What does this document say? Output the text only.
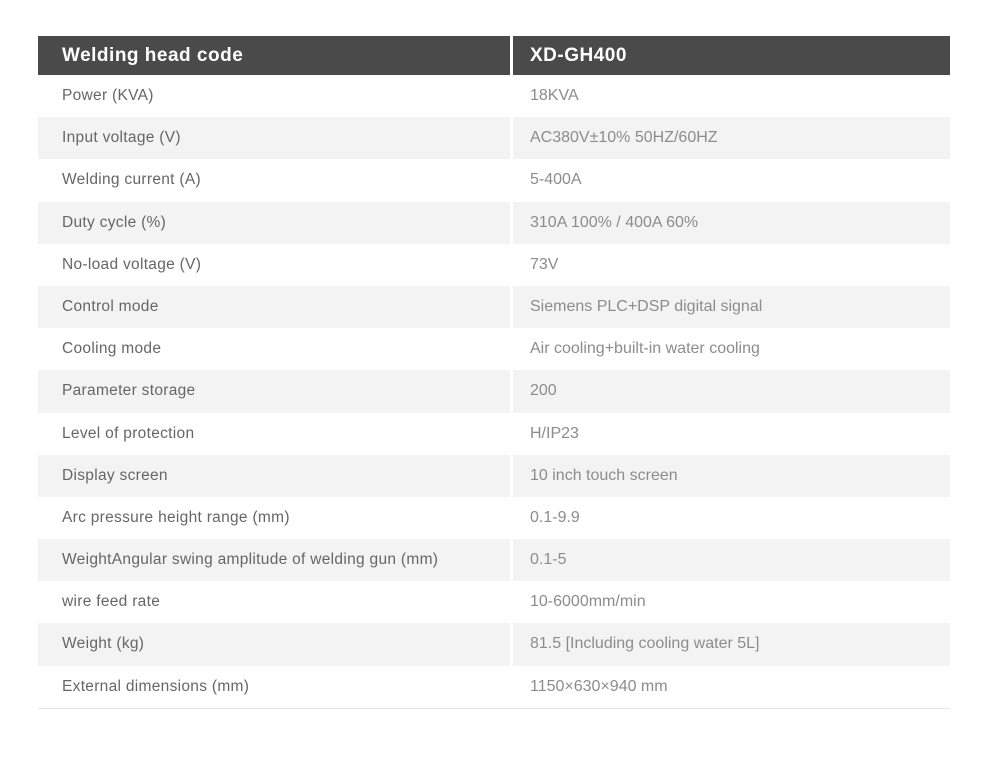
Welding head code	XD-GH400
Power (KVA)	18KVA
Input voltage (V)	AC380V±10% 50HZ/60HZ
Welding current (A)	5-400A
Duty cycle (%)	310A 100% / 400A 60%
No-load voltage (V)	73V
Control mode	Siemens PLC+DSP digital signal
Cooling mode	Air cooling+built-in water cooling
Parameter storage	200
Level of protection	H/IP23
Display screen	10 inch touch screen
Arc pressure height range (mm)	0.1-9.9
WeightAngular swing amplitude of welding gun (mm)	0.1-5
wire feed rate	10-6000mm/min
Weight (kg)	81.5 [Including cooling water 5L]
External dimensions (mm)	1150×630×940 mm
